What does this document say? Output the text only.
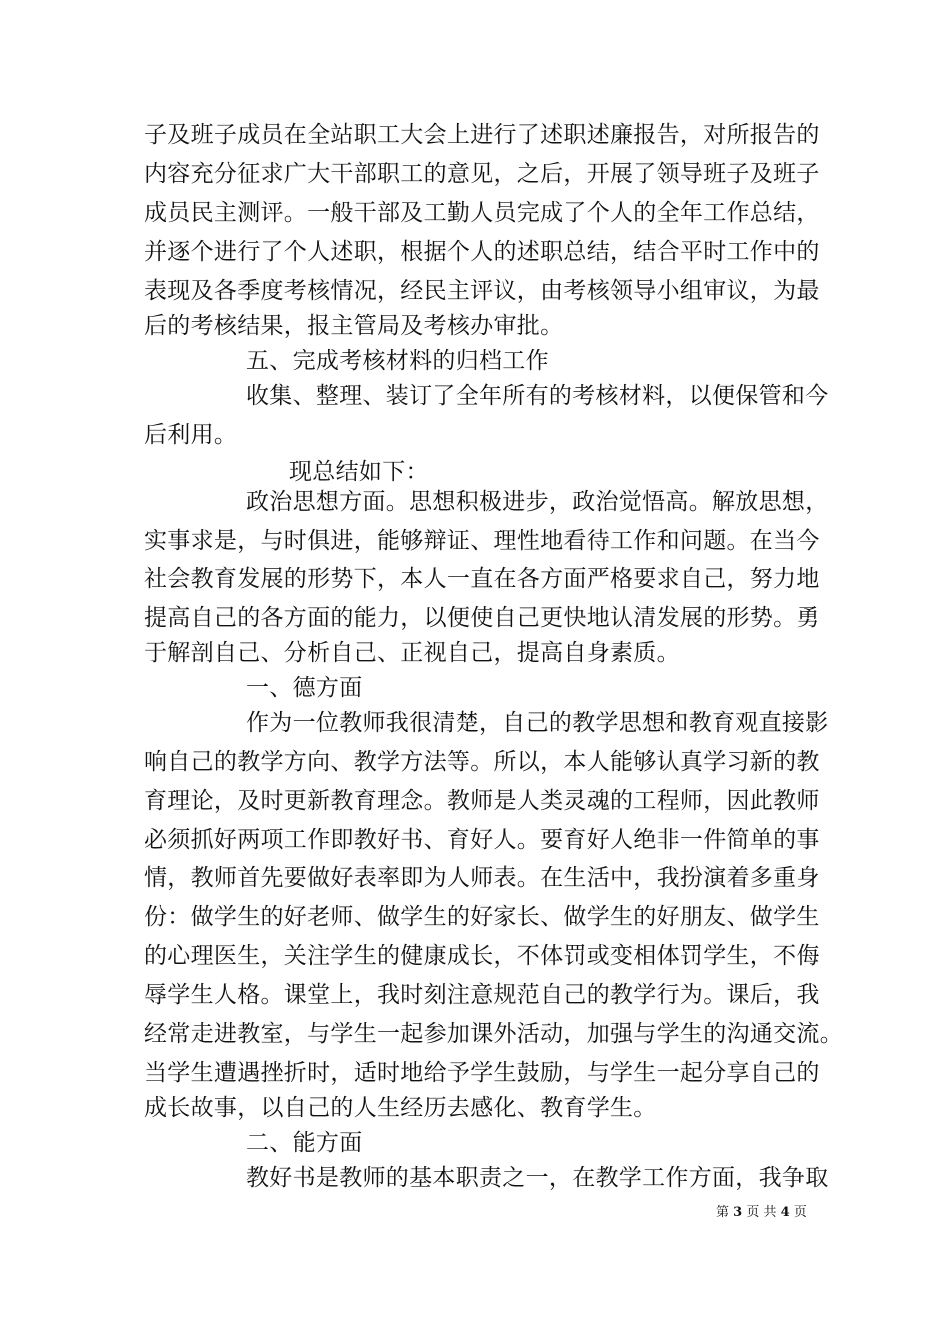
子及班子成员在全站职工大会上进行了述职述廉报告，对所报告的
内容充分征求广大干部职工的意见，之后，开展了领导班子及班子
成员民主测评。一般干部及工勤人员完成了个人的全年工作总结，
并逐个进行了个人述职，根据个人的述职总结，结合平时工作中的
表现及各季度考核情况，经民主评议，由考核领导小组审议，为最
后的考核结果，报主管局及考核办审批。
五、完成考核材料的归档工作
收集、整理、装订了全年所有的考核材料，以便保管和今
后利用。
现总结如下：
政治思想方面。思想积极进步，政治觉悟高。解放思想，
实事求是，与时俱进，能够辩证、理性地看待工作和问题。在当今
社会教育发展的形势下，本人一直在各方面严格要求自己，努力地
提高自己的各方面的能力，以便使自己更快地认清发展的形势。勇
于解剖自己、分析自己、正视自己，提高自身素质。
一、德方面
作为一位教师我很清楚，自己的教学思想和教育观直接影
响自己的教学方向、教学方法等。所以，本人能够认真学习新的教
育理论，及时更新教育理念。教师是人类灵魂的工程师，因此教师
必须抓好两项工作即教好书、育好人。要育好人绝非一件简单的事
情，教师首先要做好表率即为人师表。在生活中，我扮演着多重身
份：做学生的好老师、做学生的好家长、做学生的好朋友、做学生
的心理医生，关注学生的健康成长，不体罚或变相体罚学生，不侮
辱学生人格。课堂上，我时刻注意规范自己的教学行为。课后，我
经常走进教室，与学生一起参加课外活动，加强与学生的沟通交流。
当学生遭遇挫折时，适时地给予学生鼓励，与学生一起分享自己的
成长故事，以自己的人生经历去感化、教育学生。
二、能方面
教好书是教师的基本职责之一，在教学工作方面，我争取
第 3 页 共 4 页
